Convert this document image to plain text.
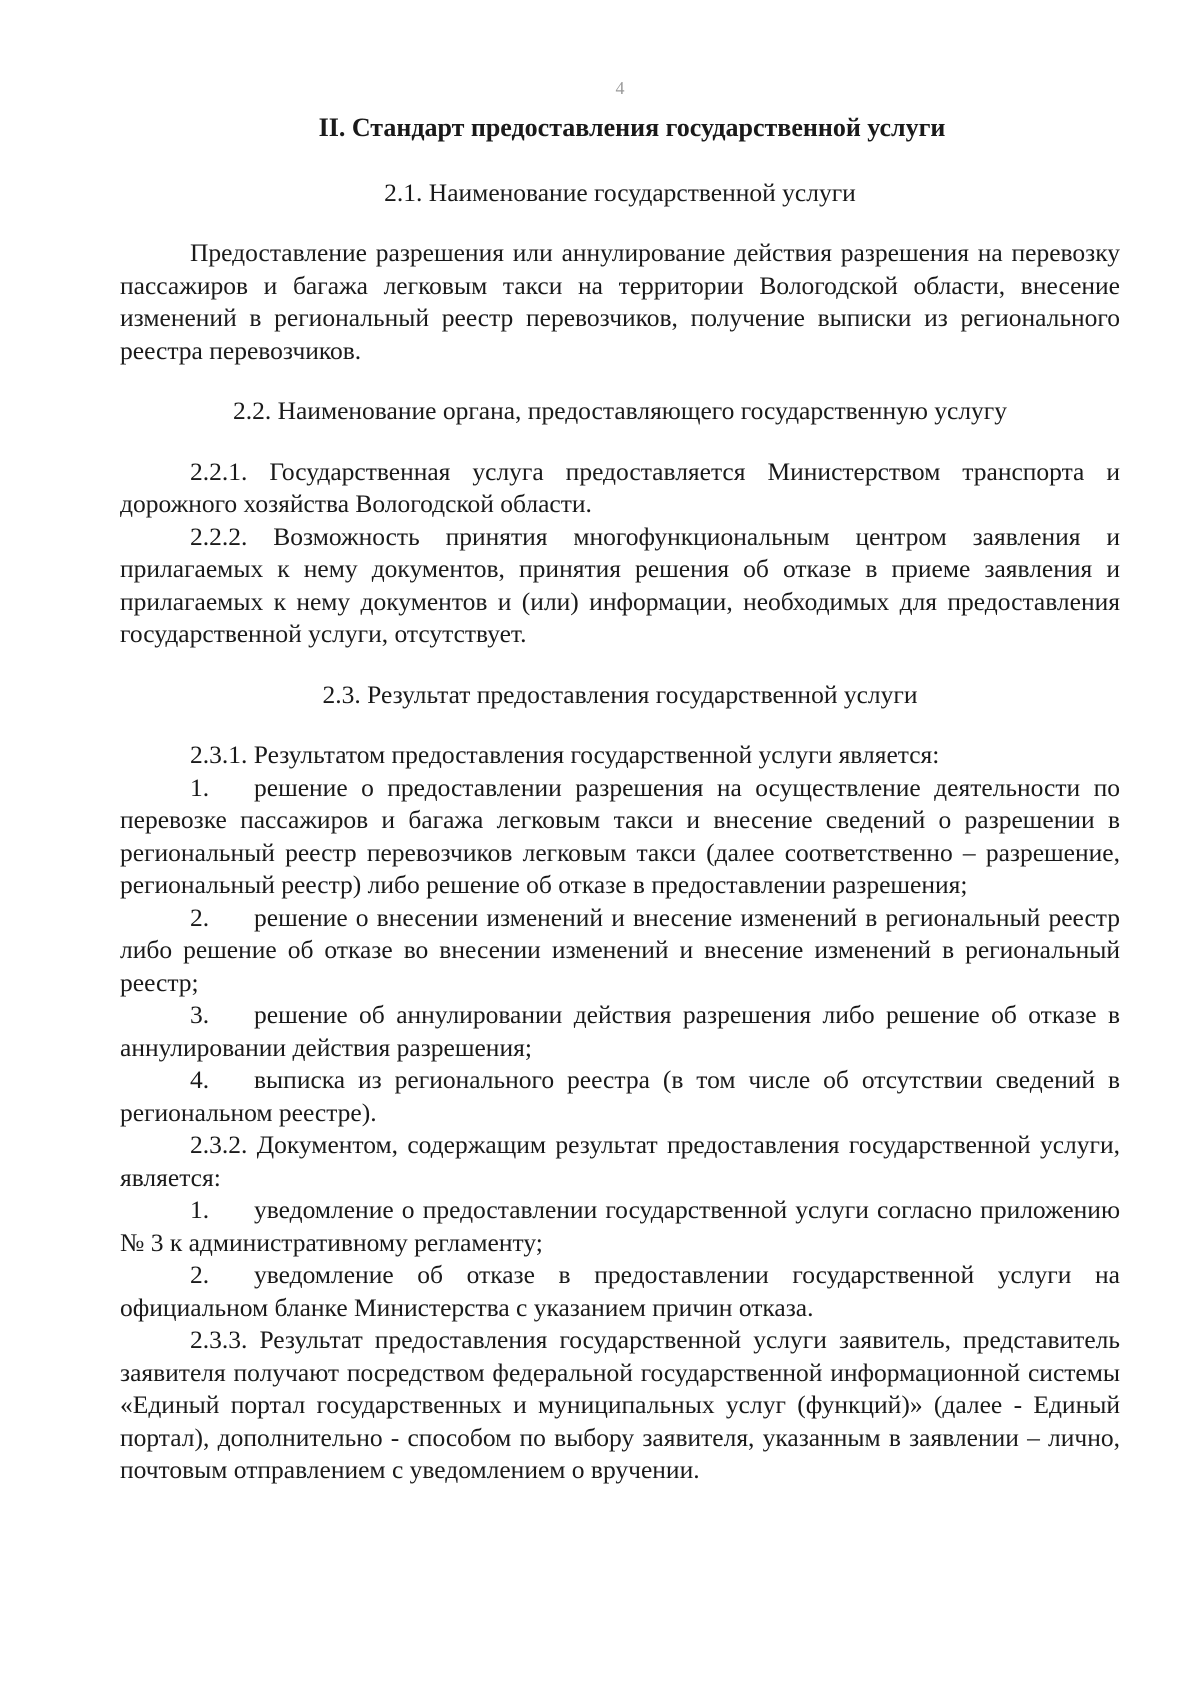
4
II. Стандарт предоставления государственной услуги
2.1. Наименование государственной услуги

Предоставление разрешения или аннулирование действия разрешения на перевозку пассажиров и багажа легковым такси на территории Вологодской области, внесение изменений в региональный реестр перевозчиков, получение выписки из регионального реестра перевозчиков.

2.2. Наименование органа, предоставляющего государственную услугу

2.2.1. Государственная услуга предоставляется Министерством транспорта и дорожного хозяйства Вологодской области.

2.2.2. Возможность принятия многофункциональным центром заявления и прилагаемых к нему документов, принятия решения об отказе в приеме заявления и прилагаемых к нему документов и (или) информации, необходимых для предоставления государственной услуги, отсутствует.

2.3. Результат предоставления государственной услуги

2.3.1. Результатом предоставления государственной услуги является:

1. решение о предоставлении разрешения на осуществление деятельности по перевозке пассажиров и багажа легковым такси и внесение сведений о разрешении в региональный реестр перевозчиков легковым такси (далее соответственно – разрешение, региональный реестр) либо решение об отказе в предоставлении разрешения;

2. решение о внесении изменений и внесение изменений в региональный реестр либо решение об отказе во внесении изменений и внесение изменений в региональный реестр;

3. решение об аннулировании действия разрешения либо решение об отказе в аннулировании действия разрешения;

4. выписка из регионального реестра (в том числе об отсутствии сведений в региональном реестре).

2.3.2. Документом, содержащим результат предоставления государственной услуги, является:

1. уведомление о предоставлении государственной услуги согласно приложению № 3 к административному регламенту;

2. уведомление об отказе в предоставлении государственной услуги на официальном бланке Министерства с указанием причин отказа.

2.3.3. Результат предоставления государственной услуги заявитель, представитель заявителя получают посредством федеральной государственной информационной системы «Единый портал государственных и муниципальных услуг (функций)» (далее - Единый портал), дополнительно - способом по выбору заявителя, указанным в заявлении – лично, почтовым отправлением с уведомлением о вручении.
